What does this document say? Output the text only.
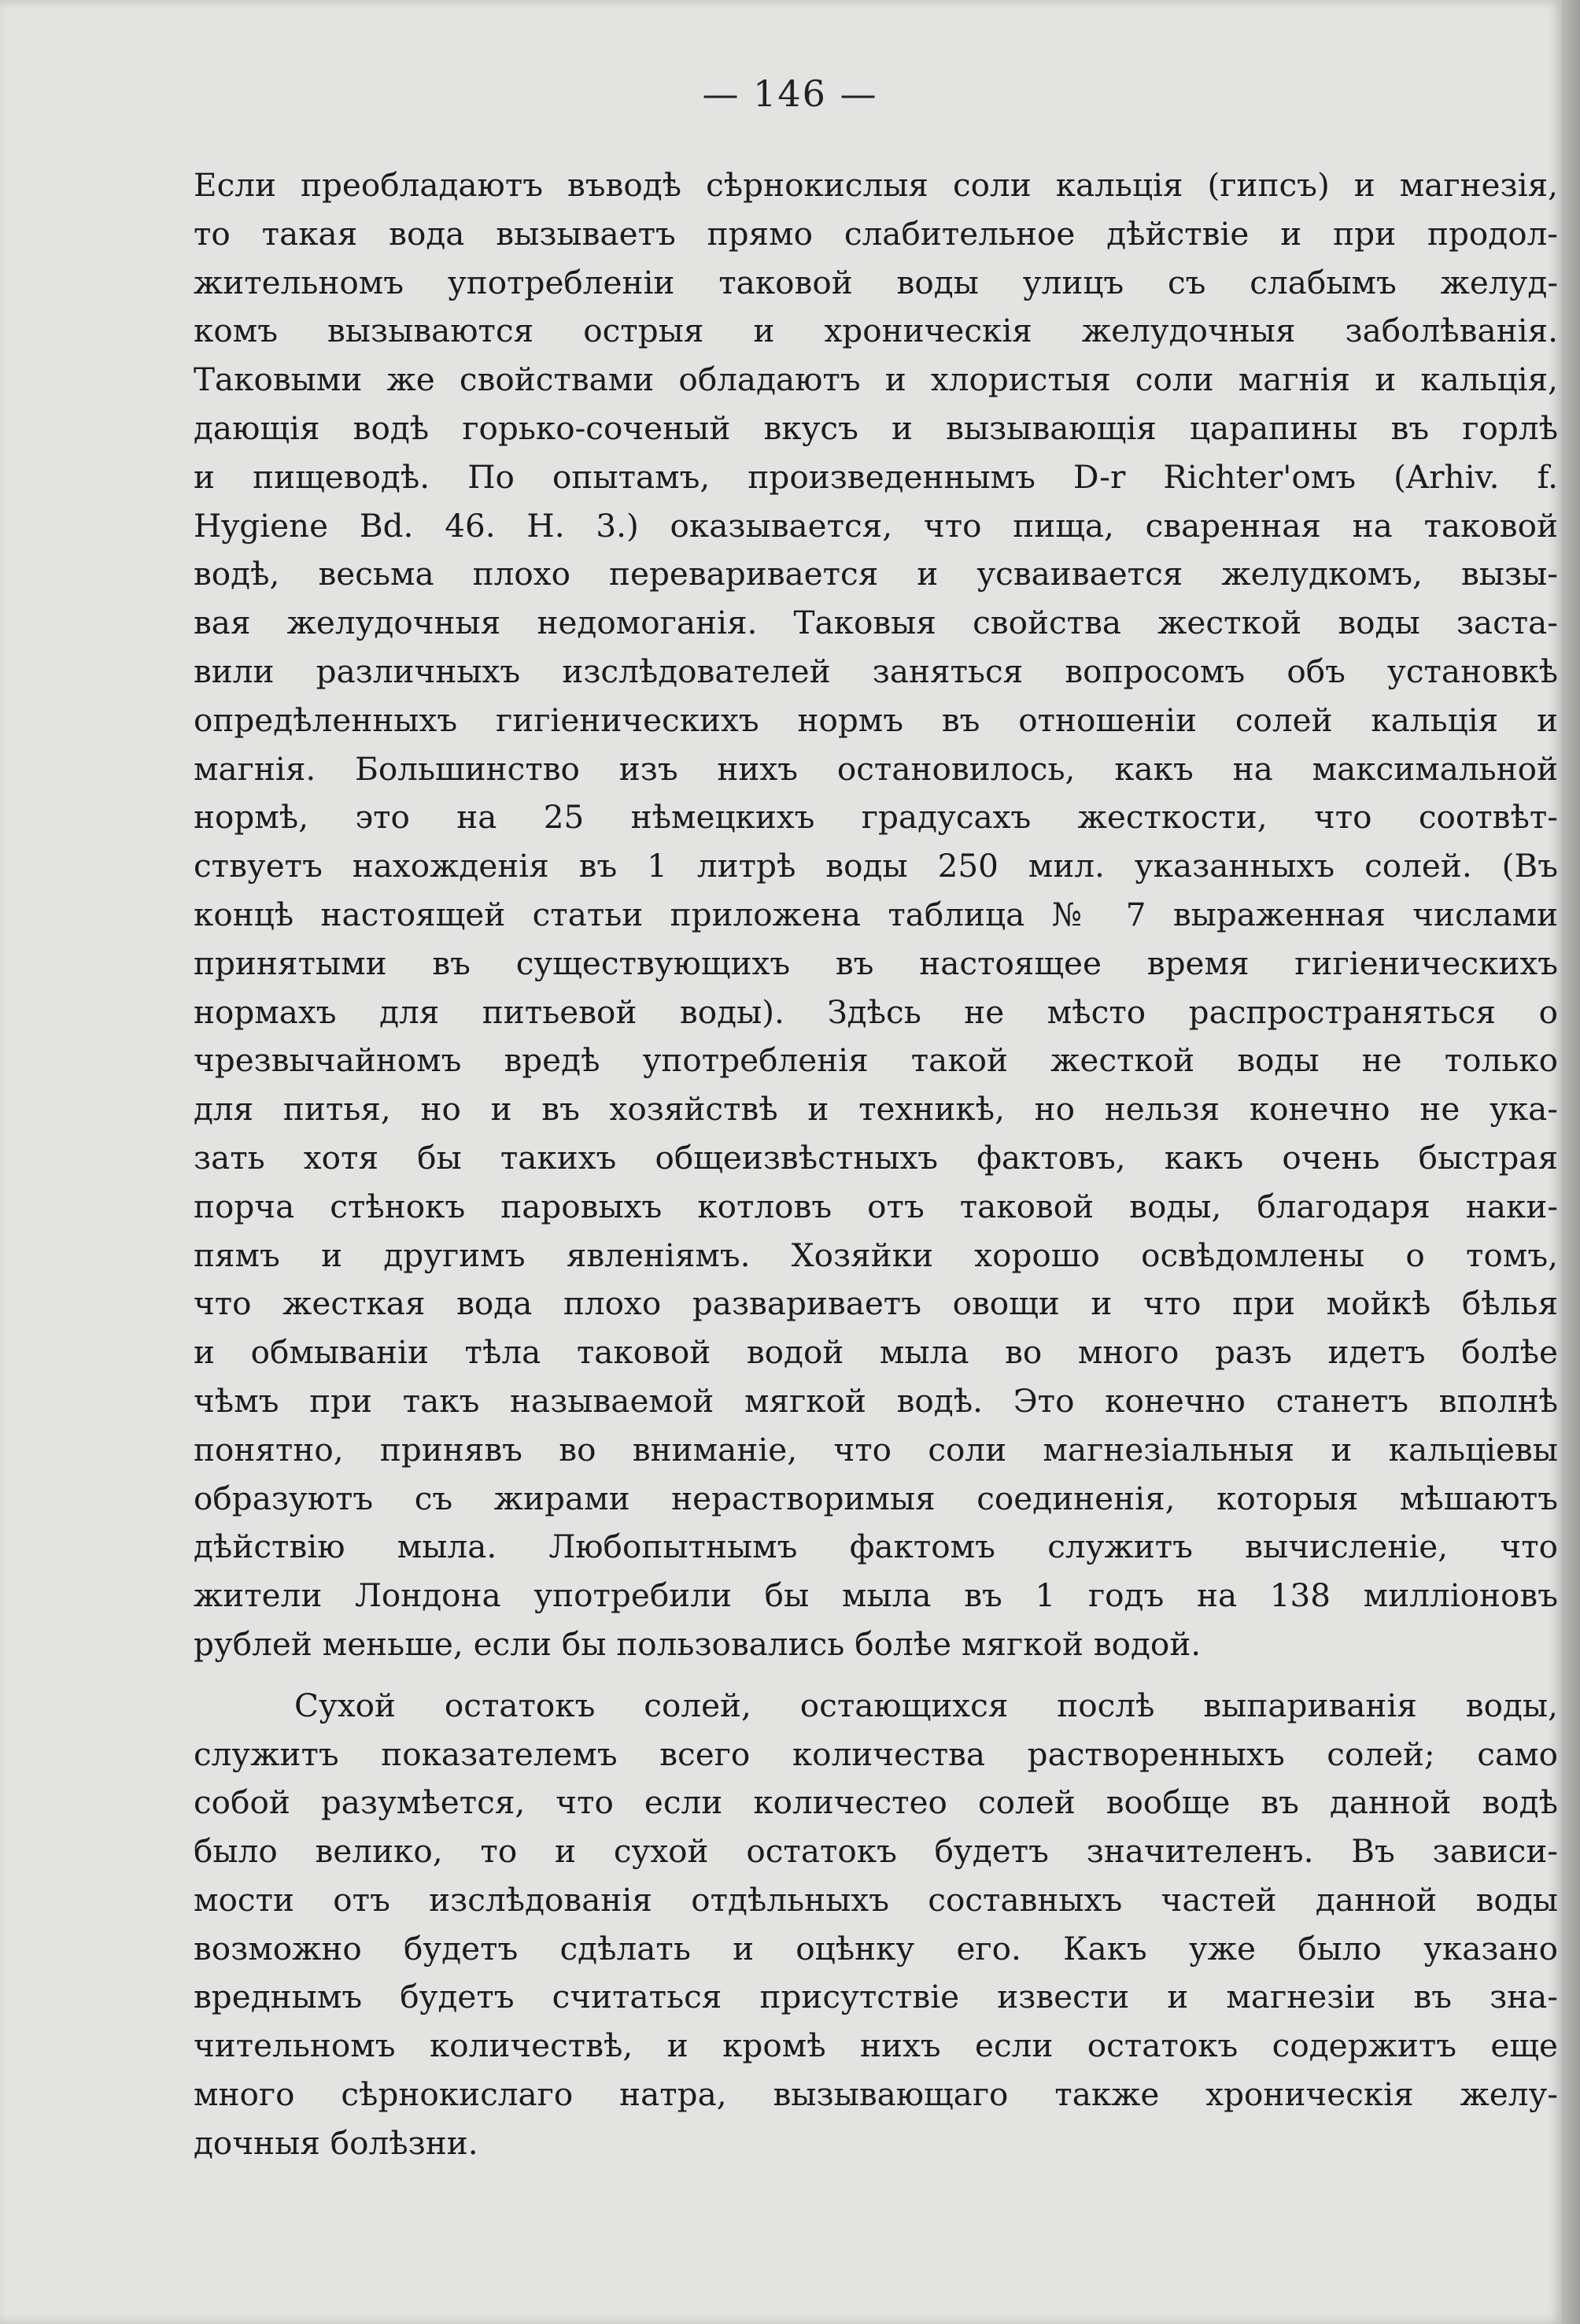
— 146 —
Если преобладаютъ въводѣ сѣрнокислыя соли кальція (гипсъ) и магнезія,
то такая вода вызываетъ прямо слабительное дѣйствіе и при продол-
жительномъ употребленіи таковой воды улицъ съ слабымъ желуд-
комъ вызываются острыя и хроническія желудочныя заболѣванія.
Таковыми же свойствами обладаютъ и хлористыя соли магнія и кальція,
дающія водѣ горько-соченый вкусъ и вызывающія царапины въ горлѣ
и пищеводѣ. По опытамъ, произведеннымъ D-r Richter'омъ (Arhiv. f.
Hygiene Bd. 46. H. 3.) оказывается, что пища, сваренная на таковой
водѣ, весьма плохо переваривается и усваивается желудкомъ, вызы-
вая желудочныя недомоганія. Таковыя свойства жесткой воды заста-
вили различныхъ изслѣдователей заняться вопросомъ объ установкѣ
опредѣленныхъ гигіеническихъ нормъ въ отношеніи солей кальція и
магнія. Большинство изъ нихъ остановилось, какъ на максимальной
нормѣ, это на 25 нѣмецкихъ градусахъ жесткости, что соотвѣт-
ствуетъ нахожденія въ 1 литрѣ воды 250 мил. указанныхъ солей. (Въ
концѣ настоящей статьи приложена таблица № 7 выраженная числами
принятыми въ существующихъ въ настоящее время гигіеническихъ
нормахъ для питьевой воды). Здѣсь не мѣсто распространяться о
чрезвычайномъ вредѣ употребленія такой жесткой воды не только
для питья, но и въ хозяйствѣ и техникѣ, но нельзя конечно не ука-
зать хотя бы такихъ общеизвѣстныхъ фактовъ, какъ очень быстрая
порча стѣнокъ паровыхъ котловъ отъ таковой воды, благодаря наки-
пямъ и другимъ явленіямъ. Хозяйки хорошо освѣдомлены о томъ,
что жесткая вода плохо развариваетъ овощи и что при мойкѣ бѣлья
и обмываніи тѣла таковой водой мыла во много разъ идетъ болѣе
чѣмъ при такъ называемой мягкой водѣ. Это конечно станетъ вполнѣ
понятно, принявъ во вниманіе, что соли магнезіальныя и кальціевы
образуютъ съ жирами нерастворимыя соединенія, которыя мѣшаютъ
дѣйствію мыла. Любопытнымъ фактомъ служитъ вычисленіе, что
жители Лондона употребили бы мыла въ 1 годъ на 138 милліоновъ
рублей меньше, если бы пользовались болѣе мягкой водой.
Сухой остатокъ солей, остающихся послѣ выпариванія воды,
служитъ показателемъ всего количества растворенныхъ солей; само
собой разумѣется, что если количестео солей вообще въ данной водѣ
было велико, то и сухой остатокъ будетъ значителенъ. Въ зависи-
мости отъ изслѣдованія отдѣльныхъ составныхъ частей данной воды
возможно будетъ сдѣлать и оцѣнку его. Какъ уже было указано
вреднымъ будетъ считаться присутствіе извести и магнезіи въ зна-
чительномъ количествѣ, и кромѣ нихъ если остатокъ содержитъ еще
много сѣрнокислаго натра, вызывающаго также хроническія желу-
дочныя болѣзни.
